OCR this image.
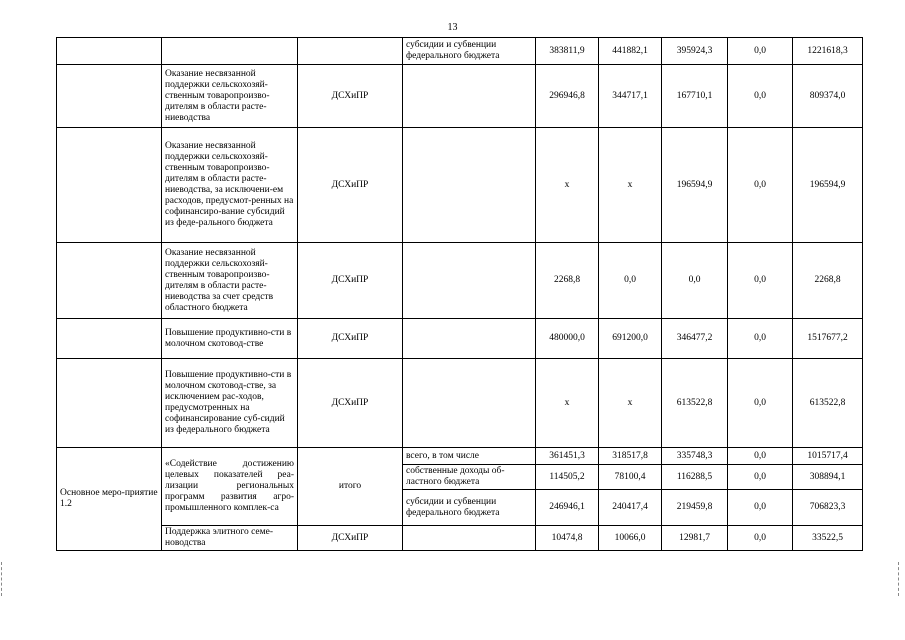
13
			субсидии и субвенции федерального бюджета	383811,9	441882,1	395924,3	0,0	1221618,3
	Оказание несвязанной поддержки сельскохозяй-ственным товаропроизво-дителям в области расте-ниеводства	ДСХиПР		296946,8	344717,1	167710,1	0,0	809374,0
	Оказание несвязанной поддержки сельскохозяй-ственным товаропроизво-дителям в области расте-ниеводства, за исключени-ем расходов, предусмот-ренных на софинансиро-вание субсидий из феде-рального бюджета	ДСХиПР		х	х	196594,9	0,0	196594,9
	Оказание несвязанной поддержки сельскохозяй-ственным товаропроизво-дителям в области расте-ниеводства за счет средств областного бюджета	ДСХиПР		2268,8	0,0	0,0	0,0	2268,8
	Повышение продуктивно-сти в молочном скотовод-стве	ДСХиПР		480000,0	691200,0	346477,2	0,0	1517677,2
	Повышение продуктивно-сти в молочном скотовод-стве, за исключением рас-ходов, предусмотренных на софинансирование суб-сидий из федерального бюджета	ДСХиПР		х	х	613522,8	0,0	613522,8
Основное меро-приятие 1.2	«Содействие достижению целевых показателей реа-лизации региональных программ развития агро-промышленного комплек-са	итого	всего, в том числе	361451,3	318517,8	335748,3	0,0	1015717,4
			собственные доходы об-ластного бюджета	114505,2	78100,4	116288,5	0,0	308894,1
			субсидии и субвенции федерального бюджета	246946,1	240417,4	219459,8	0,0	706823,3
	Поддержка элитного семе-новодства	ДСХиПР		10474,8	10066,0	12981,7	0,0	33522,5
